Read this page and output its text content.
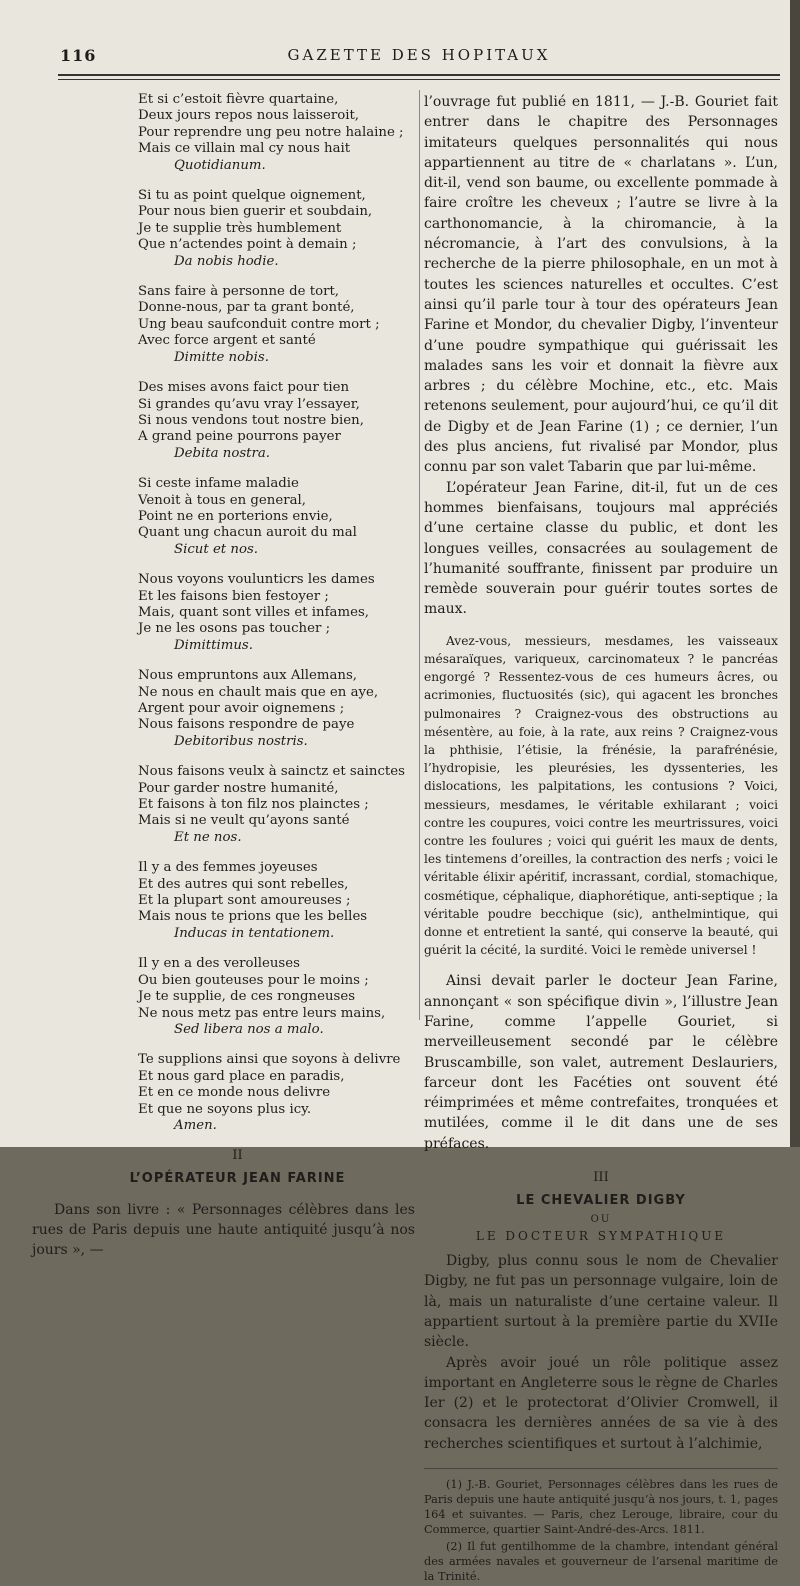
116	GAZETTE DES HOPITAUX
Et si c’estoit fièvre quartaine,
Deux jours repos nous laisseroit,
Pour reprendre ung peu notre halaine ;
Mais ce villain mal cy nous hait
Quotidianum.
Si tu as point quelque oignement,
Pour nous bien guerir et soubdain,
Je te supplie très humblement
Que n’actendes point à demain ;
Da nobis hodie.
Sans faire à personne de tort,
Donne-nous, par ta grant bonté,
Ung beau saufconduit contre mort ;
Avec force argent et santé
Dimitte nobis.
Des mises avons faict pour tien
Si grandes qu’avu vray l’essayer,
Si nous vendons tout nostre bien,
A grand peine pourrons payer
Debita nostra.
Si ceste infame maladie
Venoit à tous en general,
Point ne en porterions envie,
Quant ung chacun auroit du mal
Sicut et nos.
Nous voyons voulunticrs les dames
Et les faisons bien festoyer ;
Mais, quant sont villes et infames,
Je ne les osons pas toucher ;
Dimittimus.
Nous empruntons aux Allemans,
Ne nous en chault mais que en aye,
Argent pour avoir oignemens ;
Nous faisons respondre de paye
Debitoribus nostris.
Nous faisons veulx à sainctz et sainctes
Pour garder nostre humanité,
Et faisons à ton filz nos plainctes ;
Mais si ne veult qu’ayons santé
Et ne nos.
Il y a des femmes joyeuses
Et des autres qui sont rebelles,
Et la plupart sont amoureuses ;
Mais nous te prions que les belles
Inducas in tentationem.
Il y en a des verolleuses
Ou bien gouteuses pour le moins ;
Je te supplie, de ces rongneuses
Ne nous metz pas entre leurs mains,
Sed libera nos a malo.
Te supplions ainsi que soyons à delivre
Et nous gard place en paradis,
Et en ce monde nous delivre
Et que ne soyons plus icy.
Amen.
II
L’OPÉRATEUR JEAN FARINE

Dans son livre : « Personnages célèbres dans les rues de Paris depuis une haute antiquité jusqu’à nos jours », —

l’ouvrage fut publié en 1811, — J.-B. Gouriet fait entrer dans le chapitre des Personnages imitateurs quelques personnalités qui nous appartiennent au titre de « charlatans ». L’un, dit-il, vend son baume, ou excellente pommade à faire croître les cheveux ; l’autre se livre à la carthonomancie, à la chiromancie, à la nécromancie, à l’art des convulsions, à la recherche de la pierre philosophale, en un mot à toutes les sciences naturelles et occultes. C’est ainsi qu’il parle tour à tour des opérateurs Jean Farine et Mondor, du chevalier Digby, l’inventeur d’une poudre sympathique qui guérissait les malades sans les voir et donnait la fièvre aux arbres ; du célèbre Mochine, etc., etc. Mais retenons seulement, pour aujourd’hui, ce qu’il dit de Digby et de Jean Farine (1) ; ce dernier, l’un des plus anciens, fut rivalisé par Mondor, plus connu par son valet Tabarin que par lui-même.

L’opérateur Jean Farine, dit-il, fut un de ces hommes bienfaisans, toujours mal appréciés d’une certaine classe du public, et dont les longues veilles, consacrées au soulagement de l’humanité souffrante, finissent par produire un remède souverain pour guérir toutes sortes de maux.

Avez-vous, messieurs, mesdames, les vaisseaux mésaraïques, variqueux, carcinomateux ? le pancréas engorgé ? Ressentez-vous de ces humeurs âcres, ou acrimonies, fluctuosités (sic), qui agacent les bronches pulmonaires ? Craignez-vous des obstructions au mésentère, au foie, à la rate, aux reins ? Craignez-vous la phthisie, l’étisie, la frénésie, la parafrénésie, l’hydropisie, les pleurésies, les dyssenteries, les dislocations, les palpitations, les contusions ? Voici, messieurs, mesdames, le véritable exhilarant ; voici contre les coupures, voici contre les meurtrissures, voici contre les foulures ; voici qui guérit les maux de dents, les tintemens d’oreilles, la contraction des nerfs ; voici le véritable élixir apéritif, incrassant, cordial, stomachique, cosmétique, céphalique, diaphorétique, anti-septique ; la véritable poudre becchique (sic), anthelmintique, qui donne et entretient la santé, qui conserve la beauté, qui guérit la cécité, la surdité. Voici le remède universel !

Ainsi devait parler le docteur Jean Farine, annonçant « son spécifique divin », l’illustre Jean Farine, comme l’appelle Gouriet, si merveilleusement secondé par le célèbre Bruscambille, son valet, autrement Deslauriers, farceur dont les Facéties ont souvent été réimprimées et même contrefaites, tronquées et mutilées, comme il le dit dans une de ses préfaces.

III
LE CHEVALIER DIGBY
OU
LE DOCTEUR SYMPATHIQUE

Digby, plus connu sous le nom de Chevalier Digby, ne fut pas un personnage vulgaire, loin de là, mais un naturaliste d’une certaine valeur. Il appartient surtout à la première partie du XVIIe siècle.

Après avoir joué un rôle politique assez important en Angleterre sous le règne de Charles Ier (2) et le protectorat d’Olivier Cromwell, il consacra les dernières années de sa vie à des recherches scientifiques et surtout à l’alchimie,

(1) J.-B. Gouriet, Personnages célèbres dans les rues de Paris depuis une haute antiquité jusqu’à nos jours, t. 1, pages 164 et suivantes. — Paris, chez Lerouge, libraire, cour du Commerce, quartier Saint-André-des-Arcs. 1811.

(2) Il fut gentilhomme de la chambre, intendant général des armées navales et gouverneur de l’arsenal maritime de la Trinité.
